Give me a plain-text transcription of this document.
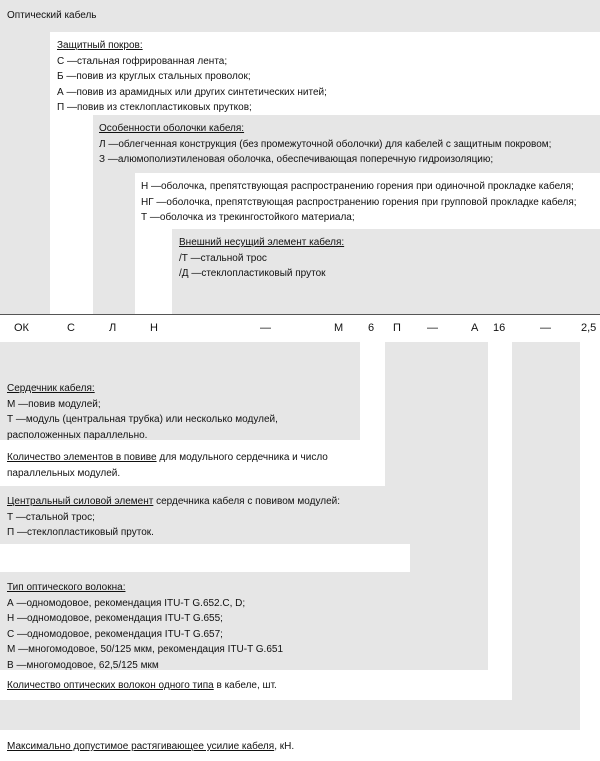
Оптический кабель
Защитный покров:
С —стальная гофрированная лента;
Б —повив из круглых стальных проволок;
А —повив из арамидных или других синтетических нитей;
П —повив из стеклопластиковых прутков;
Особенности оболочки кабеля:
Л —облегченная конструкция (без промежуточной оболочки) для кабелей с защитным покровом;
З —алюмополиэтиленовая оболочка, обеспечивающая поперечную гидроизоляцию;
Н —оболочка, препятствующая распространению горения при одиночной прокладке кабеля;
НГ —оболочка, препятствующая распространению горения при групповой прокладке кабеля;
Т —оболочка из трекингостойкого материала;
Внешний несущий элемент кабеля:
/Т —стальной трос
/Д —стеклопластиковый пруток
ОК	С	Л	Н	—	М 6 П —	А 16	—	2,5
Сердечник кабеля:
М —повив модулей;
Т —модуль (центральная трубка) или несколько модулей,
расположенных параллельно.
Количество элементов в повиве для модульного сердечника и число
параллельных модулей.
Центральный силовой элемент сердечника кабеля с повивом модулей:
Т —стальной трос;
П —стеклопластиковый пруток.
Тип оптического волокна:
А —одномодовое, рекомендация ITU-T G.652.C, D;
Н —одномодовое, рекомендация ITU-T G.655;
С —одномодовое, рекомендация ITU-T G.657;
М —многомодовое, 50/125 мкм, рекомендация ITU-T G.651
В —многомодовое, 62,5/125 мкм
Количество оптических волокон одного типа в кабеле, шт.
Максимально допустимое растягивающее усилие кабеля, кН.
